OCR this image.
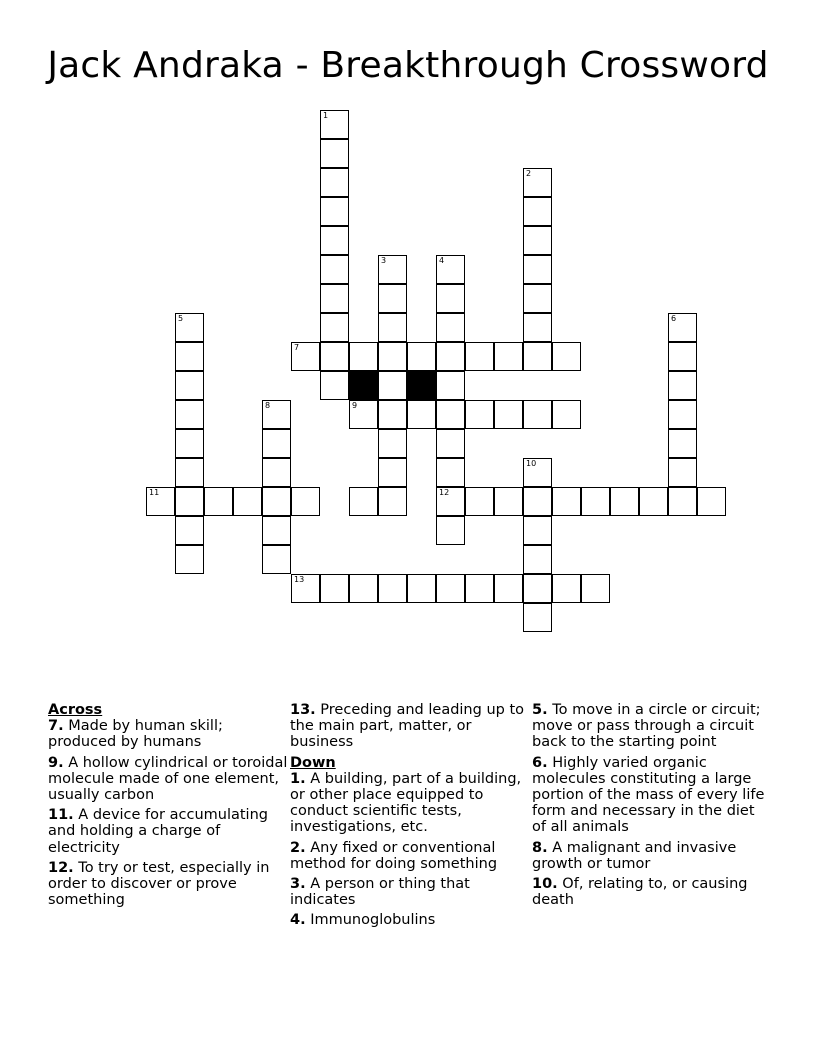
Jack Andraka - Breakthrough Crossword
1
2
3	4
5	6
7
8	9
10
11	12
13
Across
7. Made by human skill; produced by humans
9. A hollow cylindrical or toroidal molecule made of one element, usually carbon
11. A device for accumulating and holding a charge of electricity
12. To try or test, especially in order to discover or prove something
13. Preceding and leading up to the main part, matter, or business
Down
1. A building, part of a building, or other place equipped to conduct scientific tests, investigations, etc.
2. Any fixed or conventional method for doing something
3. A person or thing that indicates
4. Immunoglobulins
5. To move in a circle or circuit; move or pass through a circuit back to the starting point
6. Highly varied organic molecules constituting a large portion of the mass of every life form and necessary in the diet of all animals
8. A malignant and invasive growth or tumor
10. Of, relating to, or causing death
